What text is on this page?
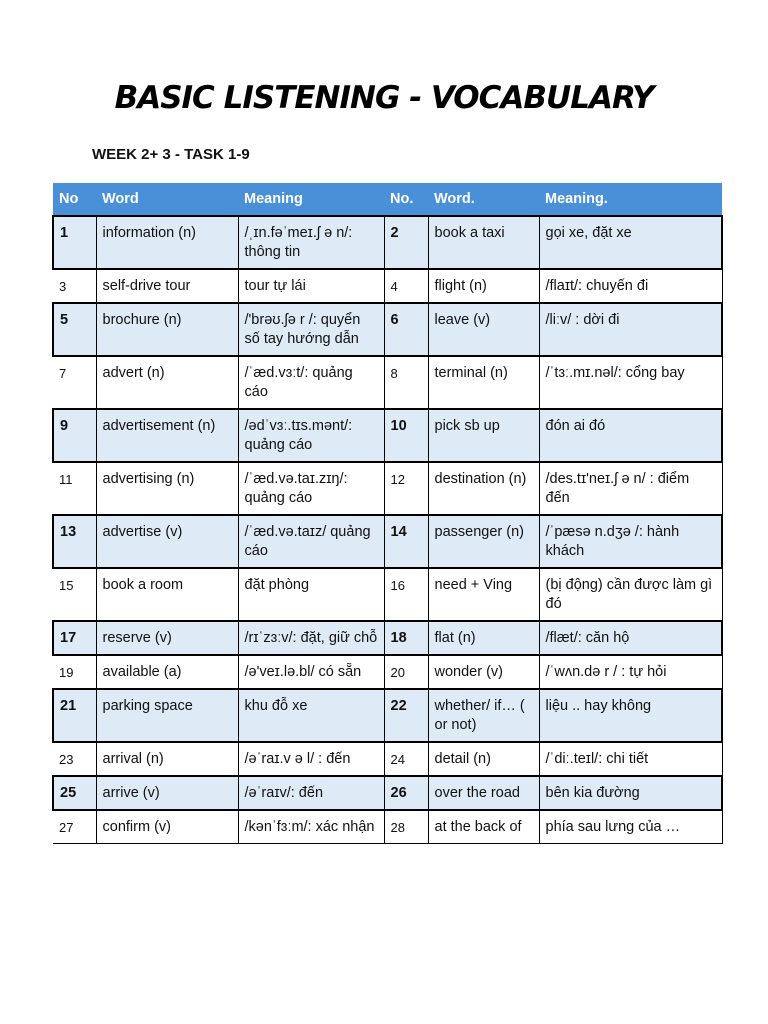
BASIC LISTENING - VOCABULARY
WEEK 2+ 3 - TASK 1-9
No	Word	Meaning	No.	Word.	Meaning.
1	information (n)	/ˌɪn.fəˈmeɪ.ʃ ə n/: thông tin	2	book a taxi	gọi xe, đặt xe
3	self-drive tour	tour tự lái	4	flight (n)	/flaɪt/: chuyến đi
5	brochure (n)	/'brəʊ.ʃə r /: quyển số tay hướng dẫn	6	leave (v)	/liːv/ : dời đi
7	advert (n)	/ˈæd.vɜːt/: quảng cáo	8	terminal (n)	/ˈtɜː.mɪ.nəl/: cổng bay
9	advertisement (n)	/ədˈvɜː.tɪs.mənt/: quảng cáo	10	pick sb up	đón ai đó
11	advertising (n)	/ˈæd.və.taɪ.zɪŋ/: quảng cáo	12	destination (n)	/des.tɪ'neɪ.ʃ ə n/ : điểm đến
13	advertise (v)	/ˈæd.və.taɪz/ quảng cáo	14	passenger (n)	/ˈpæsə n.dʒə /: hành khách
15	book a room	đặt phòng	16	need + Ving	(bị động) cần được làm gì đó
17	reserve (v)	/rɪˈzɜːv/: đặt, giữ chỗ	18	flat (n)	/flæt/: căn hộ
19	available (a)	/ə'veɪ.lə.bl/ có sẵn	20	wonder (v)	/ˈwʌn.də r / : tự hỏi
21	parking space	khu đỗ xe	22	whether/ if… ( or not)	liệu .. hay không
23	arrival (n)	/əˈraɪ.v ə l/ : đến	24	detail (n)	/ˈdiː.teɪl/: chi tiết
25	arrive (v)	/əˈraɪv/: đến	26	over the road	bên kia đường
27	confirm (v)	/kənˈfɜːm/: xác nhận	28	at the back of	phía sau lưng của …
